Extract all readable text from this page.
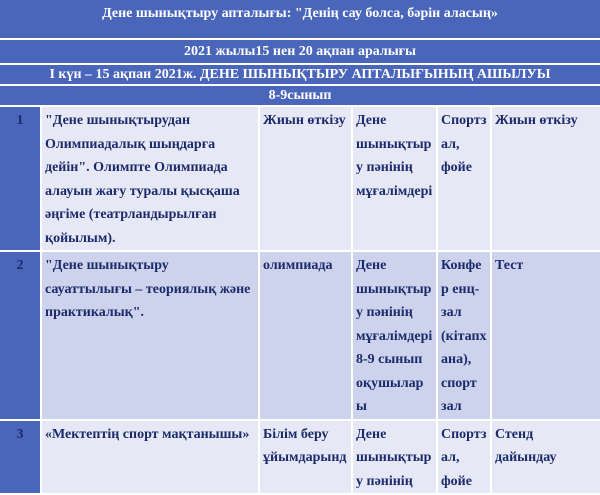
Дене шынықтыру апталығы: "Денің сау болса, бәрін аласың»
2021 жылы15 нен 20 ақпан аралығы
І күн – 15 ақпан 2021ж. ДЕНЕ ШЫНЫҚТЫРУ АПТАЛЫҒЫНЫҢ АШЫЛУЫ
8-9сынып
1	"Дене шынықтырудан Олимпиадалық шыңдарға дейін". Олимпте Олимпиада алауын жағу туралы қысқаша әңгіме (театрландырылған қойылым).	Жиын өткізу	Дене шынықтыр у пәнінің мұғалімдері	Спортз ал, фойе	Жиын өткізу
2	"Дене шынықтыру сауаттылығы – теориялық және практикалық".	олимпиада	Дене шынықтыр у пәнінің мұғалімдері 8-9 сынып оқушылар ы	Конфер енц-зал (кітапх ана), спорт зал	Тест
3	«Мектептің спорт мақтанышы»	Білім беру ұйымдарынд	Дене шынықтыр у пәнінің	Спортз ал, фойе	Стенд дайындау
